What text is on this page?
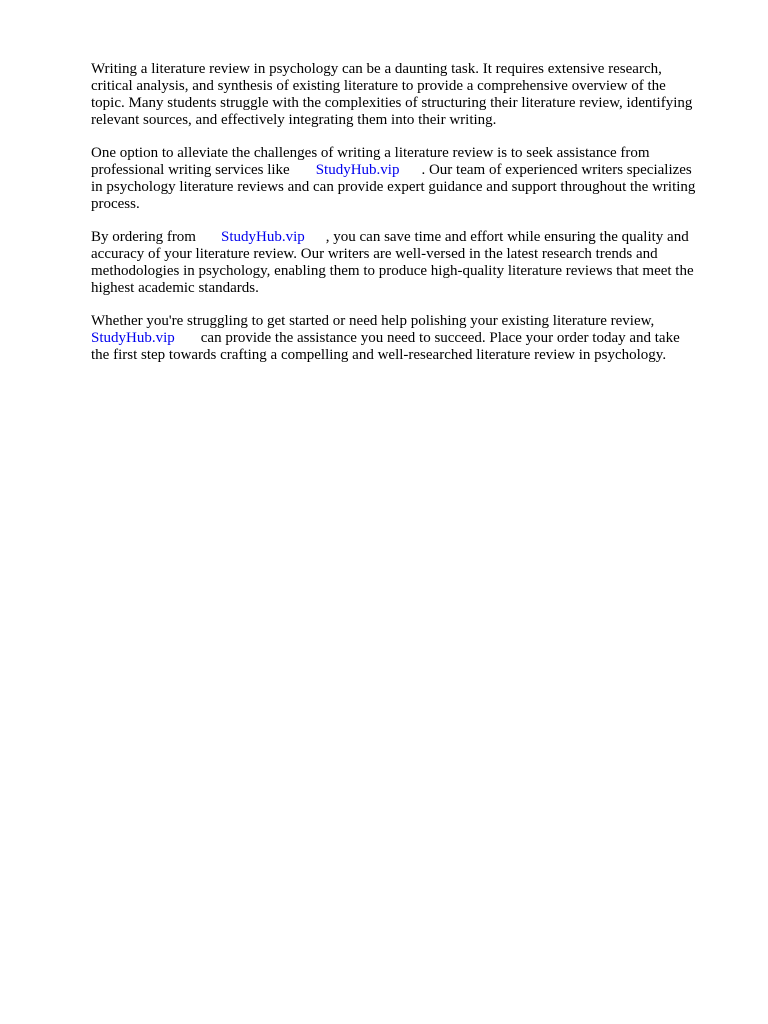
Writing a literature review in psychology can be a daunting task. It requires extensive research,
critical analysis, and synthesis of existing literature to provide a comprehensive overview of the
topic. Many students struggle with the complexities of structuring their literature review, identifying
relevant sources, and effectively integrating them into their writing.

One option to alleviate the challenges of writing a literature review is to seek assistance from
professional writing services like StudyHub.vip . Our team of experienced writers specializes
in psychology literature reviews and can provide expert guidance and support throughout the writing
process.

By ordering from StudyHub.vip , you can save time and effort while ensuring the quality and
accuracy of your literature review. Our writers are well-versed in the latest research trends and
methodologies in psychology, enabling them to produce high-quality literature reviews that meet the
highest academic standards.

Whether you're struggling to get started or need help polishing your existing literature review,
StudyHub.vip can provide the assistance you need to succeed. Place your order today and take
the first step towards crafting a compelling and well-researched literature review in psychology.
